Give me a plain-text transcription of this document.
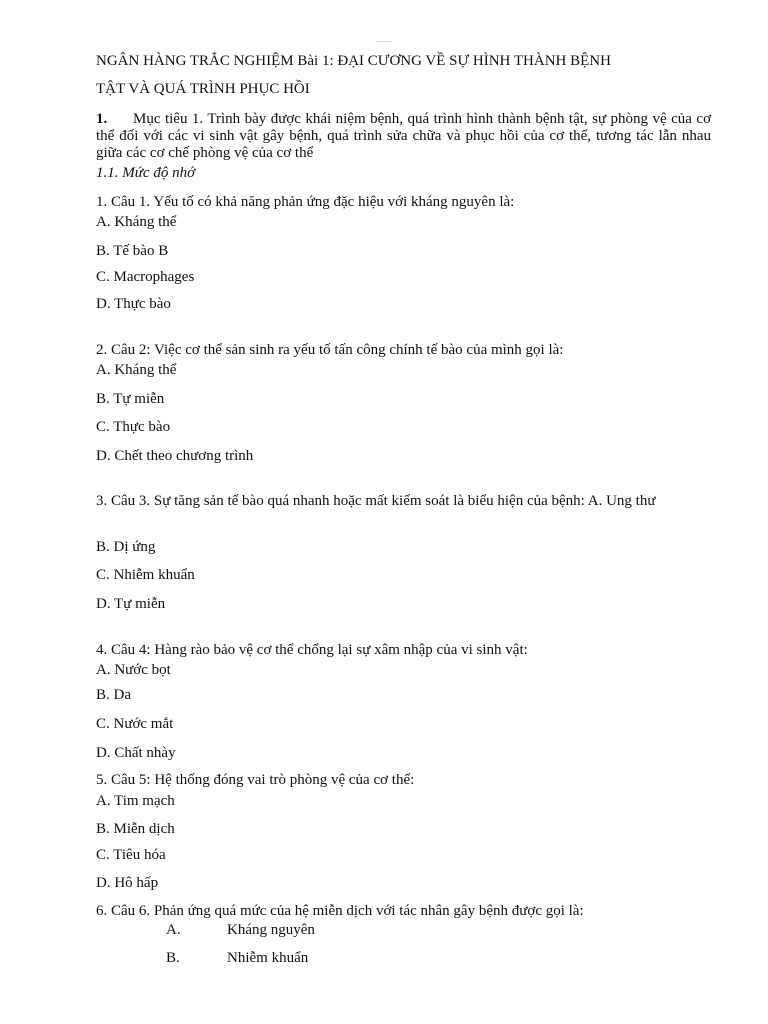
NGÂN HÀNG TRẮC NGHIỆM Bài 1: ĐẠI CƯƠNG VỀ SỰ HÌNH THÀNH BỆNH
TẬT VÀ QUÁ TRÌNH PHỤC HỒI
1. Mục tiêu 1. Trình bày được khái niệm bệnh, quá trình hình thành bệnh tật, sự phòng vệ của cơ thể đối với các vi sinh vật gây bệnh, quá trình sửa chữa và phục hồi của cơ thể, tương tác lẫn nhau giữa các cơ chế phòng vệ của cơ thể
1.1. Mức độ nhớ
1. Câu 1. Yếu tố có khả năng phản ứng đặc hiệu với kháng nguyên là:
A. Kháng thể
B. Tế bào B
C. Macrophages
D. Thực bào
2. Câu 2: Việc cơ thể sản sinh ra yếu tố tấn công chính tế bào của mình gọi là:
A. Kháng thể
B. Tự miễn
C. Thực bào
D. Chết theo chương trình
3. Câu 3. Sự tăng sản tế bào quá nhanh hoặc mất kiểm soát là biểu hiện của bệnh: A. Ung thư
B. Dị ứng
C. Nhiễm khuẩn
D. Tự miễn
4. Câu 4: Hàng rào bảo vệ cơ thể chống lại sự xâm nhập của vi sinh vật:
A. Nước bọt
B. Da
C. Nước mắt
D. Chất nhày
5. Câu 5: Hệ thống đóng vai trò phòng vệ của cơ thể:
A. Tim mạch
B. Miễn dịch
C. Tiêu hóa
D. Hô hấp
6. Câu 6. Phản ứng quá mức của hệ miễn dịch với tác nhân gây bệnh được gọi là:
A.	Kháng nguyên
B.	Nhiễm khuẩn
